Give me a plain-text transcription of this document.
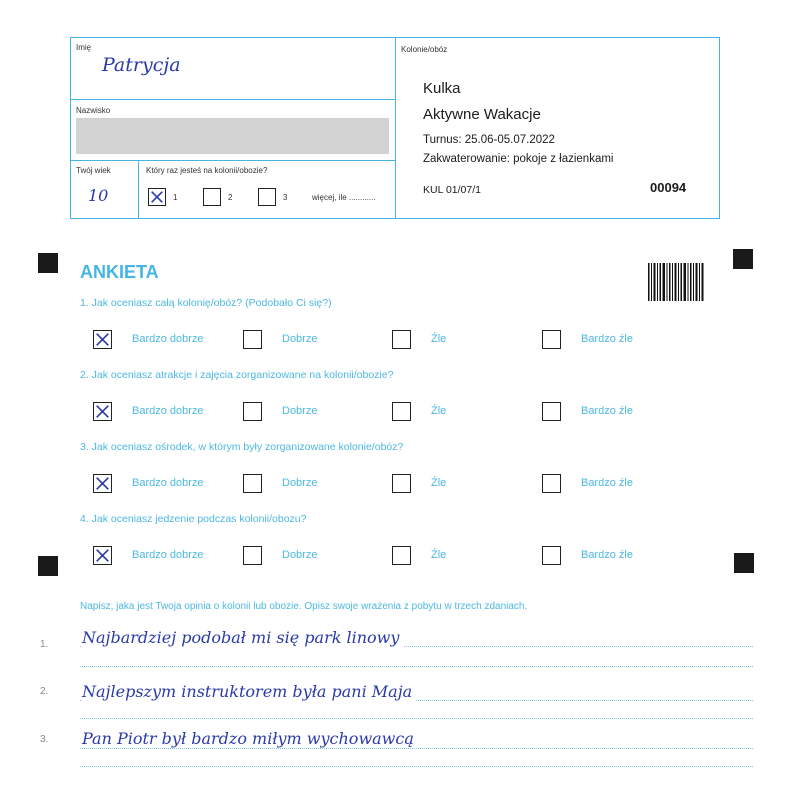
Imię
Patrycja
Nazwisko
Twój wiek
10
Który raz jesteś na kolonii/obozie?
1	2	3	więcej, ile ............
Kolonie/obóz
Kulka
Aktywne Wakacje
Turnus: 25.06-05.07.2022
Zakwaterowanie: pokoje z łazienkami
KUL 01/07/1	00094
ANKIETA
1. Jak oceniasz całą kolonię/obóz? (Podobało Ci się?)
Bardzo dobrze	Dobrze	Źle	Bardzo źle
2. Jak oceniasz atrakcje i zajęcia zorganizowane na kolonii/obozie?
Bardzo dobrze	Dobrze	Źle	Bardzo źle
3. Jak oceniasz ośrodek, w którym były zorganizowane kolonie/obóz?
Bardzo dobrze	Dobrze	Źle	Bardzo źle
4. Jak oceniasz jedzenie podczas kolonii/obozu?
Bardzo dobrze	Dobrze	Źle	Bardzo źle
Napisz, jaka jest Twoja opinia o kolonii lub obozie. Opisz swoje wrażenia z pobytu w trzech zdaniach.
1. Najbardziej podobał mi się park linowy
2. Najlepszym instruktorem była pani Maja
3. Pan Piotr był bardzo miłym wychowawcą
